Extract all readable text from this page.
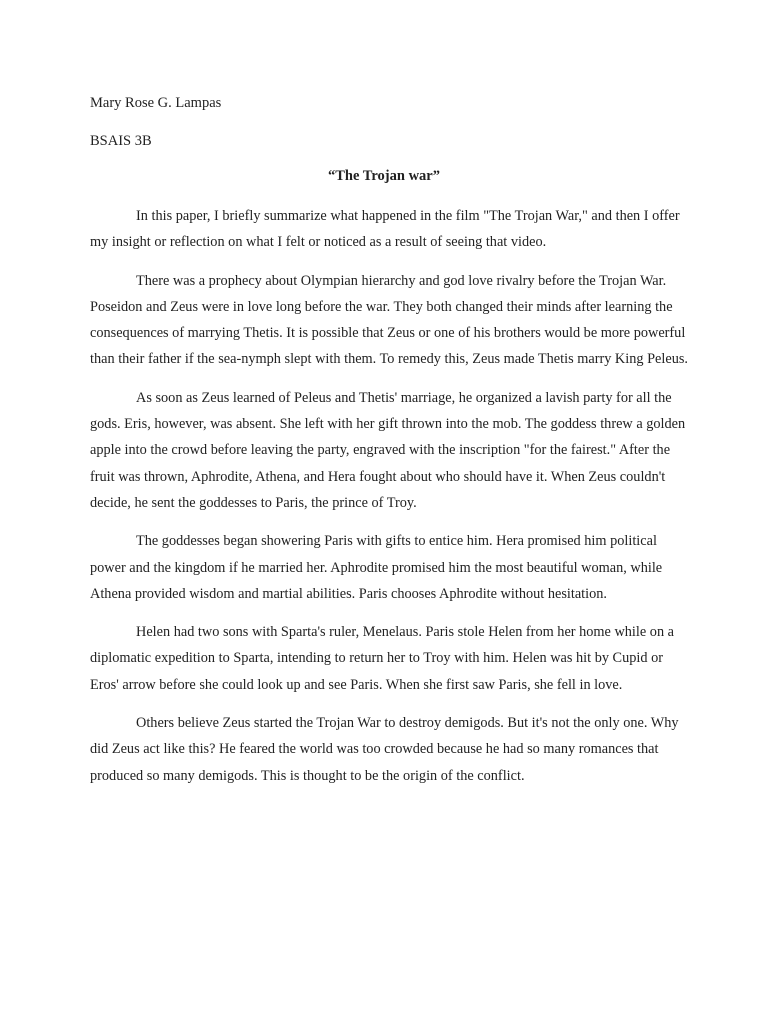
Mary Rose G. Lampas
BSAIS 3B
“The Trojan war”

In this paper, I briefly summarize what happened in the film "The Trojan War," and then I offer my insight or reflection on what I felt or noticed as a result of seeing that video.

There was a prophecy about Olympian hierarchy and god love rivalry before the Trojan War. Poseidon and Zeus were in love long before the war. They both changed their minds after learning the consequences of marrying Thetis. It is possible that Zeus or one of his brothers would be more powerful than their father if the sea-nymph slept with them. To remedy this, Zeus made Thetis marry King Peleus.

As soon as Zeus learned of Peleus and Thetis' marriage, he organized a lavish party for all the gods. Eris, however, was absent. She left with her gift thrown into the mob. The goddess threw a golden apple into the crowd before leaving the party, engraved with the inscription "for the fairest." After the fruit was thrown, Aphrodite, Athena, and Hera fought about who should have it. When Zeus couldn't decide, he sent the goddesses to Paris, the prince of Troy.

The goddesses began showering Paris with gifts to entice him. Hera promised him political power and the kingdom if he married her. Aphrodite promised him the most beautiful woman, while Athena provided wisdom and martial abilities. Paris chooses Aphrodite without hesitation.

Helen had two sons with Sparta's ruler, Menelaus. Paris stole Helen from her home while on a diplomatic expedition to Sparta, intending to return her to Troy with him. Helen was hit by Cupid or Eros' arrow before she could look up and see Paris. When she first saw Paris, she fell in love.

Others believe Zeus started the Trojan War to destroy demigods. But it's not the only one. Why did Zeus act like this? He feared the world was too crowded because he had so many romances that produced so many demigods. This is thought to be the origin of the conflict.
